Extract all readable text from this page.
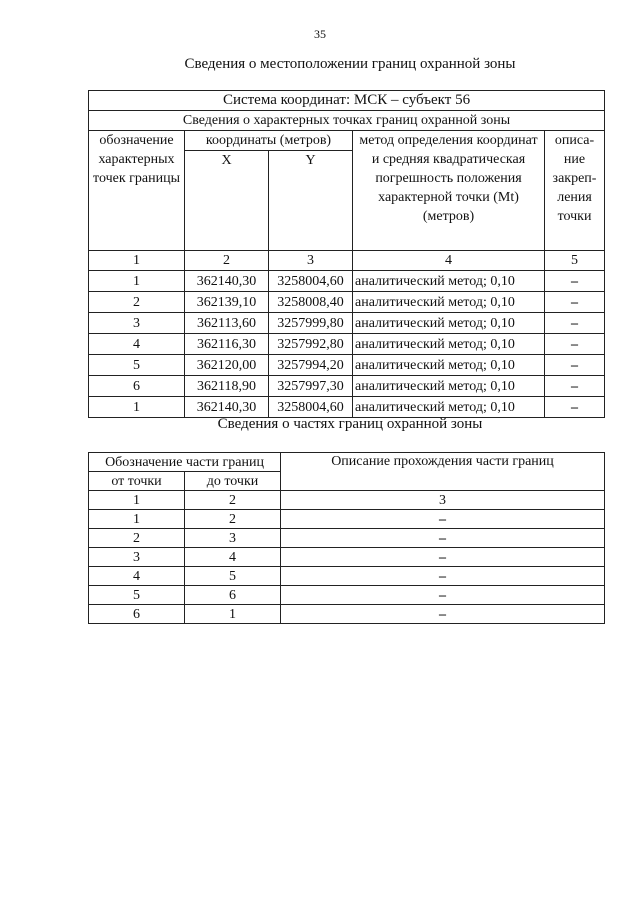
35
Сведения о местоположении границ охранной зоны
Система координат: МСК – субъект 56				
Сведения о характерных точках границ охранной зоны				
обозначение характерных точек границы	координаты (метров)		метод определения координат и средняя квадратическая погрешность положения характерной точки (Mt) (метров)	описа-ние закреп-ления точки
	X	Y		
1	2	3	4	5
1	362140,30	3258004,60	аналитический метод; 0,10	–
2	362139,10	3258008,40	аналитический метод; 0,10	–
3	362113,60	3257999,80	аналитический метод; 0,10	–
4	362116,30	3257992,80	аналитический метод; 0,10	–
5	362120,00	3257994,20	аналитический метод; 0,10	–
6	362118,90	3257997,30	аналитический метод; 0,10	–
1	362140,30	3258004,60	аналитический метод; 0,10	–
Сведения о частях границ охранной зоны
Обозначение части границ		Описание прохождения части границ
от точки	до точки	
1	2	3
1	2	–
2	3	–
3	4	–
4	5	–
5	6	–
6	1	–
